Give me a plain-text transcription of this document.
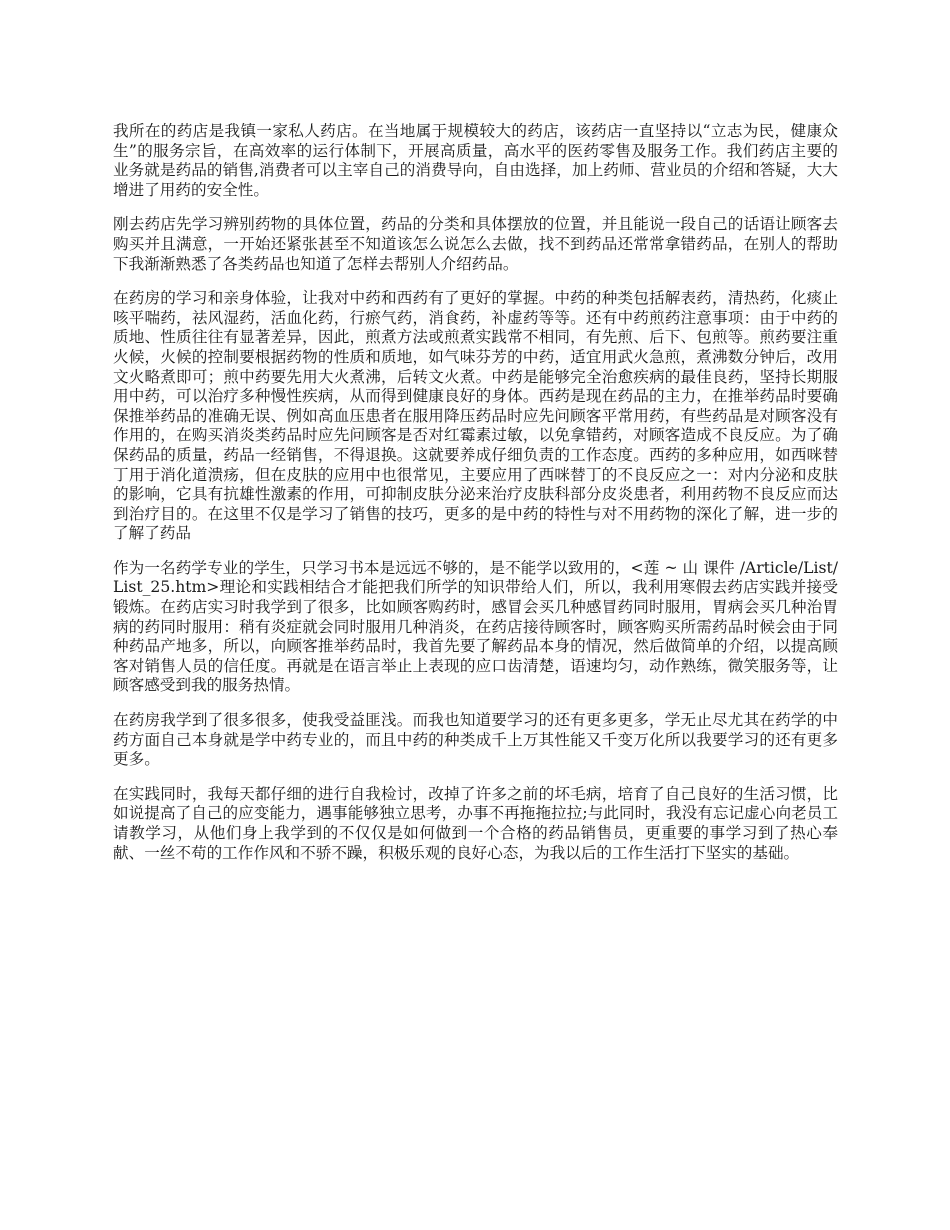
我所在的药店是我镇一家私人药店。在当地属于规模较大的药店，该药店一直坚持以“立志为民，健康众生”的服务宗旨，在高效率的运行体制下，开展高质量，高水平的医药零售及服务工作。我们药店主要的业务就是药品的销售,消费者可以主宰自己的消费导向，自由选择，加上药师、营业员的介绍和答疑，大大增进了用药的安全性。

刚去药店先学习辨别药物的具体位置，药品的分类和具体摆放的位置，并且能说一段自己的话语让顾客去购买并且满意，一开始还紧张甚至不知道该怎么说怎么去做，找不到药品还常常拿错药品，在别人的帮助下我渐渐熟悉了各类药品也知道了怎样去帮别人介绍药品。

在药房的学习和亲身体验，让我对中药和西药有了更好的掌握。中药的种类包括解表药，清热药，化痰止咳平喘药，祛风湿药，活血化药，行瘀气药，消食药，补虚药等等。还有中药煎药注意事项：由于中药的质地、性质往往有显著差异，因此，煎煮方法或煎煮实践常不相同，有先煎、后下、包煎等。煎药要注重火候，火候的控制要根据药物的性质和质地，如气味芬芳的中药，适宜用武火急煎，煮沸数分钟后，改用文火略煮即可；煎中药要先用大火煮沸，后转文火煮。中药是能够完全治愈疾病的最佳良药，坚持长期服用中药，可以治疗多种慢性疾病，从而得到健康良好的身体。西药是现在药品的主力，在推举药品时要确保推举药品的准确无误、例如高血压患者在服用降压药品时应先问顾客平常用药，有些药品是对顾客没有作用的，在购买消炎类药品时应先问顾客是否对红霉素过敏，以免拿错药，对顾客造成不良反应。为了确保药品的质量，药品一经销售，不得退换。这就要养成仔细负责的工作态度。西药的多种应用，如西咪替丁用于消化道溃疡，但在皮肤的应用中也很常见，主要应用了西咪替丁的不良反应之一：对内分泌和皮肤的影响，它具有抗雄性激素的作用，可抑制皮肤分泌来治疗皮肤科部分皮炎患者，利用药物不良反应而达到治疗目的。在这里不仅是学习了销售的技巧，更多的是中药的特性与对不用药物的深化了解，进一步的了解了药品

作为一名药学专业的学生，只学习书本是远远不够的，是不能学以致用的，<莲 ~ 山 课件 /Article/List/List_25.htm>理论和实践相结合才能把我们所学的知识带给人们，所以，我利用寒假去药店实践并接受锻炼。在药店实习时我学到了很多，比如顾客购药时，感冒会买几种感冒药同时服用，胃病会买几种治胃病的药同时服用：稍有炎症就会同时服用几种消炎，在药店接待顾客时，顾客购买所需药品时候会由于同种药品产地多，所以，向顾客推举药品时，我首先要了解药品本身的情况，然后做简单的介绍，以提高顾客对销售人员的信任度。再就是在语言举止上表现的应口齿清楚，语速均匀，动作熟练，微笑服务等，让顾客感受到我的服务热情。

在药房我学到了很多很多，使我受益匪浅。而我也知道要学习的还有更多更多，学无止尽尤其在药学的中药方面自己本身就是学中药专业的，而且中药的种类成千上万其性能又千变万化所以我要学习的还有更多更多。

在实践同时，我每天都仔细的进行自我检讨，改掉了许多之前的坏毛病，培育了自己良好的生活习惯，比如说提高了自己的应变能力，遇事能够独立思考，办事不再拖拖拉拉;与此同时，我没有忘记虚心向老员工请教学习，从他们身上我学到的不仅仅是如何做到一个合格的药品销售员，更重要的事学习到了热心奉献、一丝不苟的工作作风和不骄不躁，积极乐观的良好心态，为我以后的工作生活打下坚实的基础。
